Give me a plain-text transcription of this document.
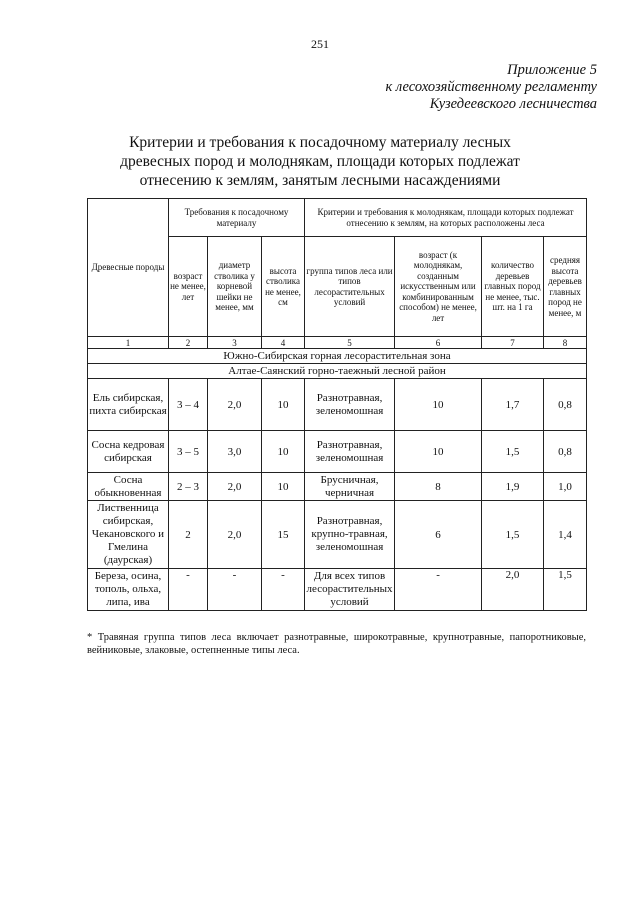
251
Приложение 5
к лесохозяйственному регламенту
Кузедеевского лесничества
Критерии и требования к посадочному материалу лесных
древесных пород и молоднякам, площади которых подлежат
отнесению к землям, занятым лесными насаждениями
Древесные породы	Требования к посадочному материалу			Критерии и требования к молоднякам, площади которых подлежат отнесению к землям, на которых расположены леса			
	возраст не менее, лет	диаметр стволика у корневой шейки не менее, мм	высота стволика не менее, см	группа типов леса или типов лесорастительных условий	возраст (к молоднякам, созданным искусственным или комбинированным способом) не менее, лет	количество деревьев главных пород не менее, тыс. шт. на 1 га	средняя высота деревьев главных пород не менее, м
1	2	3	4	5	6	7	8
Южно-Сибирская горная лесорастительная зона							
Алтае-Саянский горно-таежный лесной район							
Ель сибирская, пихта сибирская	3 – 4	2,0	10	Разнотравная, зеленомошная	10	1,7	0,8
Сосна кедровая сибирская	3 – 5	3,0	10	Разнотравная, зеленомошная	10	1,5	0,8
Сосна обыкновенная	2 – 3	2,0	10	Брусничная, черничная	8	1,9	1,0
Лиственница сибирская, Чекановского и Гмелина (даурская)	2	2,0	15	Разнотравная, крупно-травная, зеленомошная	6	1,5	1,4
Береза, осина, тополь, ольха, липа, ива	-	-	-	Для всех типов лесорастительных условий	-	2,0	1,5
* Травяная группа типов леса включает разнотравные, широкотравные, крупнотравные, папоротниковые, вейниковые, злаковые, остепненные типы леса.
